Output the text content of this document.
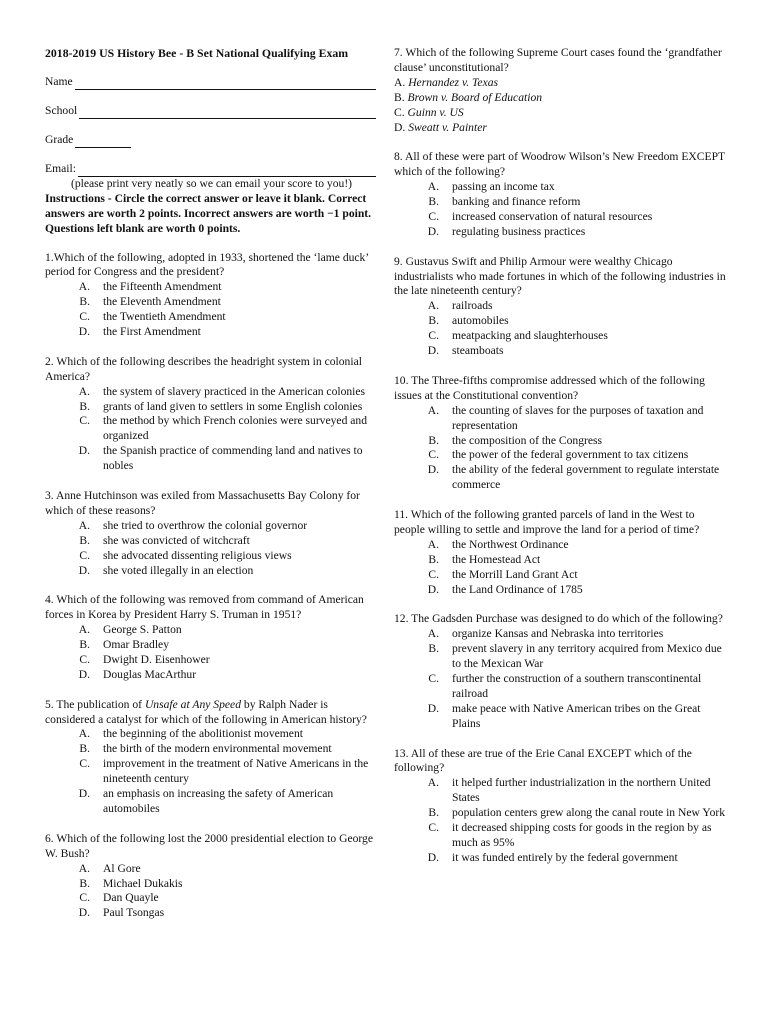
2018-2019 US History Bee - B Set National Qualifying Exam
Name
School
Grade
Email:
(please print very neatly so we can email your score to you!)
Instructions - Circle the correct answer or leave it blank. Correct answers are worth 2 points. Incorrect answers are worth −1 point. Questions left blank are worth 0 points.
1.Which of the following, adopted in 1933, shortened the ‘lame duck’ period for Congress and the president?
A. the Fifteenth Amendment
B. the Eleventh Amendment
C. the Twentieth Amendment
D. the First Amendment
2. Which of the following describes the headright system in colonial America?
A. the system of slavery practiced in the American colonies
B. grants of land given to settlers in some English colonies
C. the method by which French colonies were surveyed and organized
D. the Spanish practice of commending land and natives to nobles
3. Anne Hutchinson was exiled from Massachusetts Bay Colony for which of these reasons?
A. she tried to overthrow the colonial governor
B. she was convicted of witchcraft
C. she advocated dissenting religious views
D. she voted illegally in an election
4. Which of the following was removed from command of American forces in Korea by President Harry S. Truman in 1951?
A. George S. Patton
B. Omar Bradley
C. Dwight D. Eisenhower
D. Douglas MacArthur
5. The publication of Unsafe at Any Speed by Ralph Nader is considered a catalyst for which of the following in American history?
A. the beginning of the abolitionist movement
B. the birth of the modern environmental movement
C. improvement in the treatment of Native Americans in the nineteenth century
D. an emphasis on increasing the safety of American automobiles
6. Which of the following lost the 2000 presidential election to George W. Bush?
A. Al Gore
B. Michael Dukakis
C. Dan Quayle
D. Paul Tsongas
7. Which of the following Supreme Court cases found the ‘grandfather clause’ unconstitutional?
A. Hernandez v. Texas
B. Brown v. Board of Education
C. Guinn v. US
D. Sweatt v. Painter
8. All of these were part of Woodrow Wilson’s New Freedom EXCEPT which of the following?
A. passing an income tax
B. banking and finance reform
C. increased conservation of natural resources
D. regulating business practices
9. Gustavus Swift and Philip Armour were wealthy Chicago industrialists who made fortunes in which of the following industries in the late nineteenth century?
A. railroads
B. automobiles
C. meatpacking and slaughterhouses
D. steamboats
10. The Three-fifths compromise addressed which of the following issues at the Constitutional convention?
A. the counting of slaves for the purposes of taxation and representation
B. the composition of the Congress
C. the power of the federal government to tax citizens
D. the ability of the federal government to regulate interstate commerce
11. Which of the following granted parcels of land in the West to people willing to settle and improve the land for a period of time?
A. the Northwest Ordinance
B. the Homestead Act
C. the Morrill Land Grant Act
D. the Land Ordinance of 1785
12. The Gadsden Purchase was designed to do which of the following?
A. organize Kansas and Nebraska into territories
B. prevent slavery in any territory acquired from Mexico due to the Mexican War
C. further the construction of a southern transcontinental railroad
D. make peace with Native American tribes on the Great Plains
13. All of these are true of the Erie Canal EXCEPT which of the following?
A. it helped further industrialization in the northern United States
B. population centers grew along the canal route in New York
C. it decreased shipping costs for goods in the region by as much as 95%
D. it was funded entirely by the federal government
